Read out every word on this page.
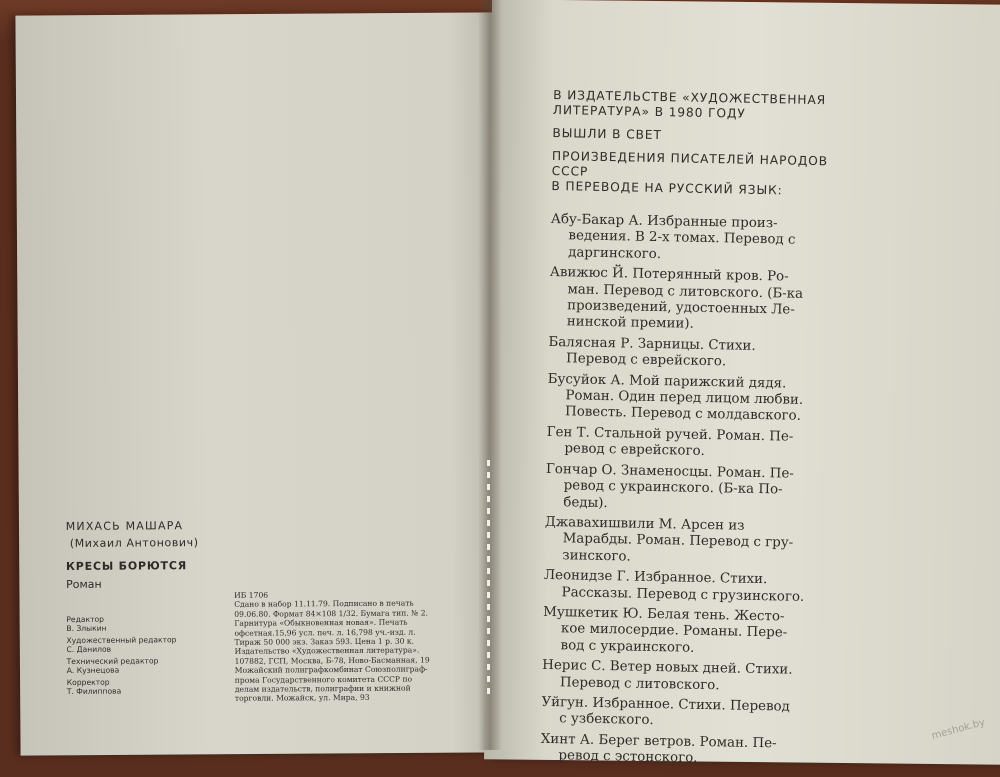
МИХАСЬ МАШАРА
(Михаил Антонович)
КРЕСЫ БОРЮТСЯ
Роман
Редактор
В. Злыкин
Художественный редактор
С. Данилов
Технический редактор
А. Кузнецова
Корректор
Т. Филиппова
ИБ 1706
Сдано в набор 11.11.79. Подписано в печать
09.06.80. Формат 84×108 1/32. Бумага тип. № 2.
Гарнитура «Обыкновенная новая». Печать
офсетная.15,96 усл. печ. л. 16,798 уч.-изд. л.
Тираж 50 000 экз. Заказ 593. Цена 1 р. 30 к.
Издательство «Художественная литература».
107882, ГСП, Москва, Б-78, Ново-Басманная, 19
Можайский полиграфкомбинат Союзполиграф-
прома Государственного комитета СССР по
делам издательств, полиграфии и книжной
торговли. Можайск, ул. Мира, 93
В ИЗДАТЕЛЬСТВЕ «ХУДОЖЕСТВЕННАЯ
ЛИТЕРАТУРА» В 1980 ГОДУ
ВЫШЛИ В СВЕТ
ПРОИЗВЕДЕНИЯ ПИСАТЕЛЕЙ НАРОДОВ СССР
В ПЕРЕВОДЕ НА РУССКИЙ ЯЗЫК:
Абу-Бакар А. Избранные произ-
ведения. В 2-х томах. Перевод с
даргинского.
Авижюс Й. Потерянный кров. Ро-
ман. Перевод с литовского. (Б-ка
произведений, удостоенных Ле-
нинской премии).
Балясная Р. Зарницы. Стихи.
Перевод с еврейского.
Бусуйок А. Мой парижский дядя.
Роман. Один перед лицом любви.
Повесть. Перевод с молдавского.
Ген Т. Стальной ручей. Роман. Пе-
ревод с еврейского.
Гончар О. Знаменосцы. Роман. Пе-
ревод с украинского. (Б-ка По-
беды).
Джавахишвили М. Арсен из
Марабды. Роман. Перевод с гру-
зинского.
Леонидзе Г. Избранное. Стихи.
Рассказы. Перевод с грузинского.
Мушкетик Ю. Белая тень. Жесто-
кое милосердие. Романы. Пере-
вод с украинского.
Нерис С. Ветер новых дней. Стихи.
Перевод с литовского.
Уйгун. Избранное. Стихи. Перевод
с узбекского.
Хинт А. Берег ветров. Роман. Пе-
ревод с эстонского.
meshok.by
